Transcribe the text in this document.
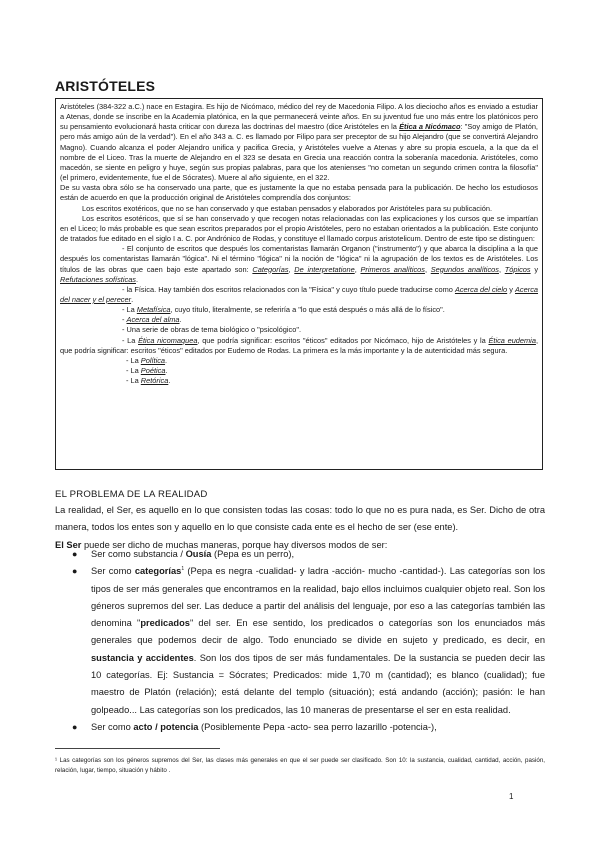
ARISTÓTELES

Aristóteles (384-322 a.C.) nace en Estagira. Es hijo de Nicómaco, médico del rey de Macedonia Filipo. A los dieciocho años es enviado a estudiar a Atenas, donde se inscribe en la Academia platónica, en la que permanecerá veinte años. En su juventud fue uno más entre los platónicos pero su pensamiento evolucionará hasta criticar con dureza las doctrinas del maestro (dice Aristóteles en la Ética a Nicómaco: "Soy amigo de Platón, pero más amigo aún de la verdad"). En el año 343 a. C. es llamado por Filipo para ser preceptor de su hijo Alejandro (que se convertirá Alejandro Magno). Cuando alcanza el poder Alejandro unifica y pacifica Grecia, y Aristóteles vuelve a Atenas y abre su propia escuela, a la que da el nombre de el Liceo. Tras la muerte de Alejandro en el 323 se desata en Grecia una reacción contra la soberanía macedonia. Aristóteles, como macedón, se siente en peligro y huye, según sus propias palabras, para que los atenienses "no cometan un segundo crimen contra la filosofía" (el primero, evidentemente, fue el de Sócrates). Muere al año siguiente, en el 322.

De su vasta obra sólo se ha conservado una parte, que es justamente la que no estaba pensada para la publicación. De hecho los estudiosos están de acuerdo en que la producción original de Aristóteles comprendía dos conjuntos:

Los escritos exotéricos, que no se han conservado y que estaban pensados y elaborados por Aristóteles para su publicación.

Los escritos esotéricos, que sí se han conservado y que recogen notas relacionadas con las explicaciones y los cursos que se impartían en el Liceo; lo más probable es que sean escritos preparados por el propio Aristóteles, pero no estaban orientados a la publicación. Este conjunto de tratados fue editado en el siglo I a. C. por Andrónico de Rodas, y constituye el llamado corpus aristotelicum. Dentro de este tipo se distinguen:

- El conjunto de escritos que después los comentaristas llamarán Organon ("instrumento") y que abarca la disciplina a la que después los comentaristas llamarán "lógica". Ni el término "lógica" ni la noción de "lógica" ni la agrupación de los textos es de Aristóteles. Los títulos de las obras que caen bajo este apartado son: Categorías, De interpretatione, Primeros analíticos, Segundos analíticos, Tópicos y Refutaciones sofísticas.

- la Física. Hay también dos escritos relacionados con la "Física" y cuyo título puede traducirse como Acerca del cielo y Acerca del nacer y el perecer.

- La Metafísica, cuyo título, literalmente, se referiría a "lo que está después o más allá de lo físico".

- Acerca del alma.

- Una serie de obras de tema biológico o "psicológico".

- La Ética nicomaquea, que podría significar: escritos "éticos" editados por Nicómaco, hijo de Aristóteles y la Ética eudemia, que podría significar: escritos "éticos" editados por Eudemo de Rodas. La primera es la más importante y la de autenticidad más segura.

- La Política.

- La Poética.

- La Retórica.

EL PROBLEMA DE LA REALIDAD

La realidad, el Ser, es aquello en lo que consisten todas las cosas: todo lo que no es pura nada, es Ser. Dicho de otra manera, todos los entes son y aquello en lo que consiste cada ente es el hecho de ser (ese ente).

El Ser puede ser dicho de muchas maneras, porque hay diversos modos de ser:

● Ser como substancia / Ousía (Pepa es un perro),
● Ser como categorías$^1$ (Pepa es negra -cualidad- y ladra -acción- mucho -cantidad-). Las categorías son los tipos de ser más generales que encontramos en la realidad, bajo ellos incluimos cualquier objeto real. Son los géneros supremos del ser. Las deduce a partir del análisis del lenguaje, por eso a las categorías también las denomina "predicados" del ser. En ese sentido, los predicados o categorías son los enunciados más generales que podemos decir de algo. Todo enunciado se divide en sujeto y predicado, es decir, en sustancia y accidentes. Son los dos tipos de ser más fundamentales. De la sustancia se pueden decir las 10 categorías. Ej: Sustancia = Sócrates; Predicados: mide 1,70 m (cantidad); es blanco (cualidad); fue maestro de Platón (relación); está delante del templo (situación); está andando (acción); pasión: le han golpeado... Las categorías son los predicados, las 10 maneras de presentarse el ser en esta realidad.
● Ser como acto / potencia (Posiblemente Pepa -acto- sea perro lazarillo -potencia-),
¹ Las categorías son los géneros supremos del Ser, las clases más generales en que el ser puede ser clasificado. Son 10: la sustancia, cualidad, cantidad, acción, pasión, relación, lugar, tiempo, situación y hábito .
1
